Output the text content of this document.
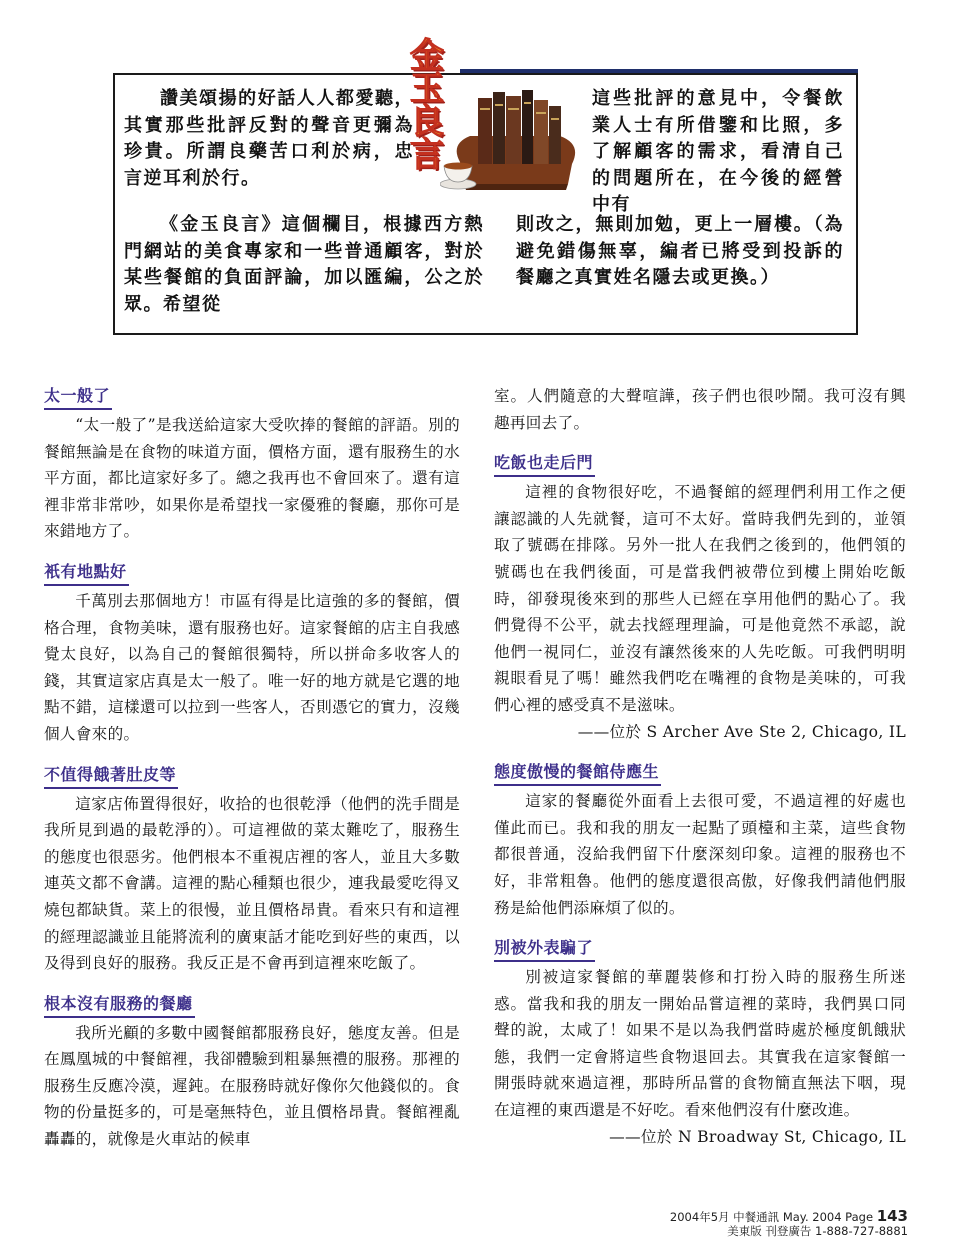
金
玉
良
言

讚美頌揚的好話人人都愛聽，其實那些批評反對的聲音更彌為珍貴。所謂良藥苦口利於病，忠言逆耳利於行。

《金玉良言》這個欄目，根據西方熱門網站的美食專家和一些普通顧客，對於某些餐館的負面評論，加以匯編，公之於眾。希望從

這些批評的意見中，令餐飲業人士有所借鑒和比照，多了解顧客的需求，看清自己的問題所在，在今後的經營中有

則改之，無則加勉，更上一層樓。（為避免錯傷無辜，編者已將受到投訴的餐廳之真實姓名隱去或更換。）

太一般了

“太一般了”是我送給這家大受吹捧的餐館的評語。別的餐館無論是在食物的味道方面，價格方面，還有服務生的水平方面，都比這家好多了。總之我再也不會回來了。還有這裡非常非常吵，如果你是希望找一家優雅的餐廳，那你可是來錯地方了。

衹有地點好

千萬別去那個地方！市區有得是比這強的多的餐館，價格合理，食物美味，還有服務也好。這家餐館的店主自我感覺太良好，以為自己的餐館很獨特，所以拼命多收客人的錢，其實這家店真是太一般了。唯一好的地方就是它選的地點不錯，這樣還可以拉到一些客人，否則憑它的實力，沒幾個人會來的。

不值得餓著肚皮等

這家店佈置得很好，收拾的也很乾淨（他們的洗手間是我所見到過的最乾淨的）。可這裡做的菜太難吃了，服務生的態度也很惡劣。他們根本不重視店裡的客人，並且大多數連英文都不會講。這裡的點心種類也很少，連我最愛吃得叉燒包都缺貨。菜上的很慢，並且價格昂貴。看來只有和這裡的經理認識並且能將流利的廣東話才能吃到好些的東西，以及得到良好的服務。我反正是不會再到這裡來吃飯了。

根本沒有服務的餐廳

我所光顧的多數中國餐館都服務良好，態度友善。但是在鳳凰城的中餐館裡，我卻體驗到粗暴無禮的服務。那裡的服務生反應冷漠，遲鈍。在服務時就好像你欠他錢似的。食物的份量挺多的，可是毫無特色，並且價格昂貴。餐館裡亂轟轟的，就像是火車站的候車

室。人們隨意的大聲喧譁，孩子們也很吵鬧。我可沒有興趣再回去了。

吃飯也走后門

這裡的食物很好吃，不過餐館的經理們利用工作之便讓認識的人先就餐，這可不太好。當時我們先到的，並領取了號碼在排隊。另外一批人在我們之後到的，他們領的號碼也在我們後面，可是當我們被帶位到樓上開始吃飯時，卻發現後來到的那些人已經在享用他們的點心了。我們覺得不公平，就去找經理理論，可是他竟然不承認，說他們一視同仁，並沒有讓然後來的人先吃飯。可我們明明親眼看見了嗎！雖然我們吃在嘴裡的食物是美味的，可我們心裡的感受真不是滋味。

——位於 S Archer Ave Ste 2, Chicago, IL

態度傲慢的餐館侍應生

這家的餐廳從外面看上去很可愛，不過這裡的好處也僅此而已。我和我的朋友一起點了頭檯和主菜，這些食物都很普通，沒給我們留下什麼深刻印象。這裡的服務也不好，非常粗魯。他們的態度還很高傲，好像我們請他們服務是給他們添麻煩了似的。

別被外表騙了

別被這家餐館的華麗裝修和打扮入時的服務生所迷惑。當我和我的朋友一開始品嘗這裡的菜時，我們異口同聲的說，太咸了！如果不是以為我們當時處於極度飢餓狀態，我們一定會將這些食物退回去。其實我在這家餐館一開張時就來過這裡，那時所品嘗的食物簡直無法下咽，現在這裡的東西還是不好吃。看來他們沒有什麼改進。

——位於 N Broadway St, Chicago, IL

2004年5月 中餐通訊 May. 2004 Page 143
美東版 刊登廣告 1-888-727-8881
